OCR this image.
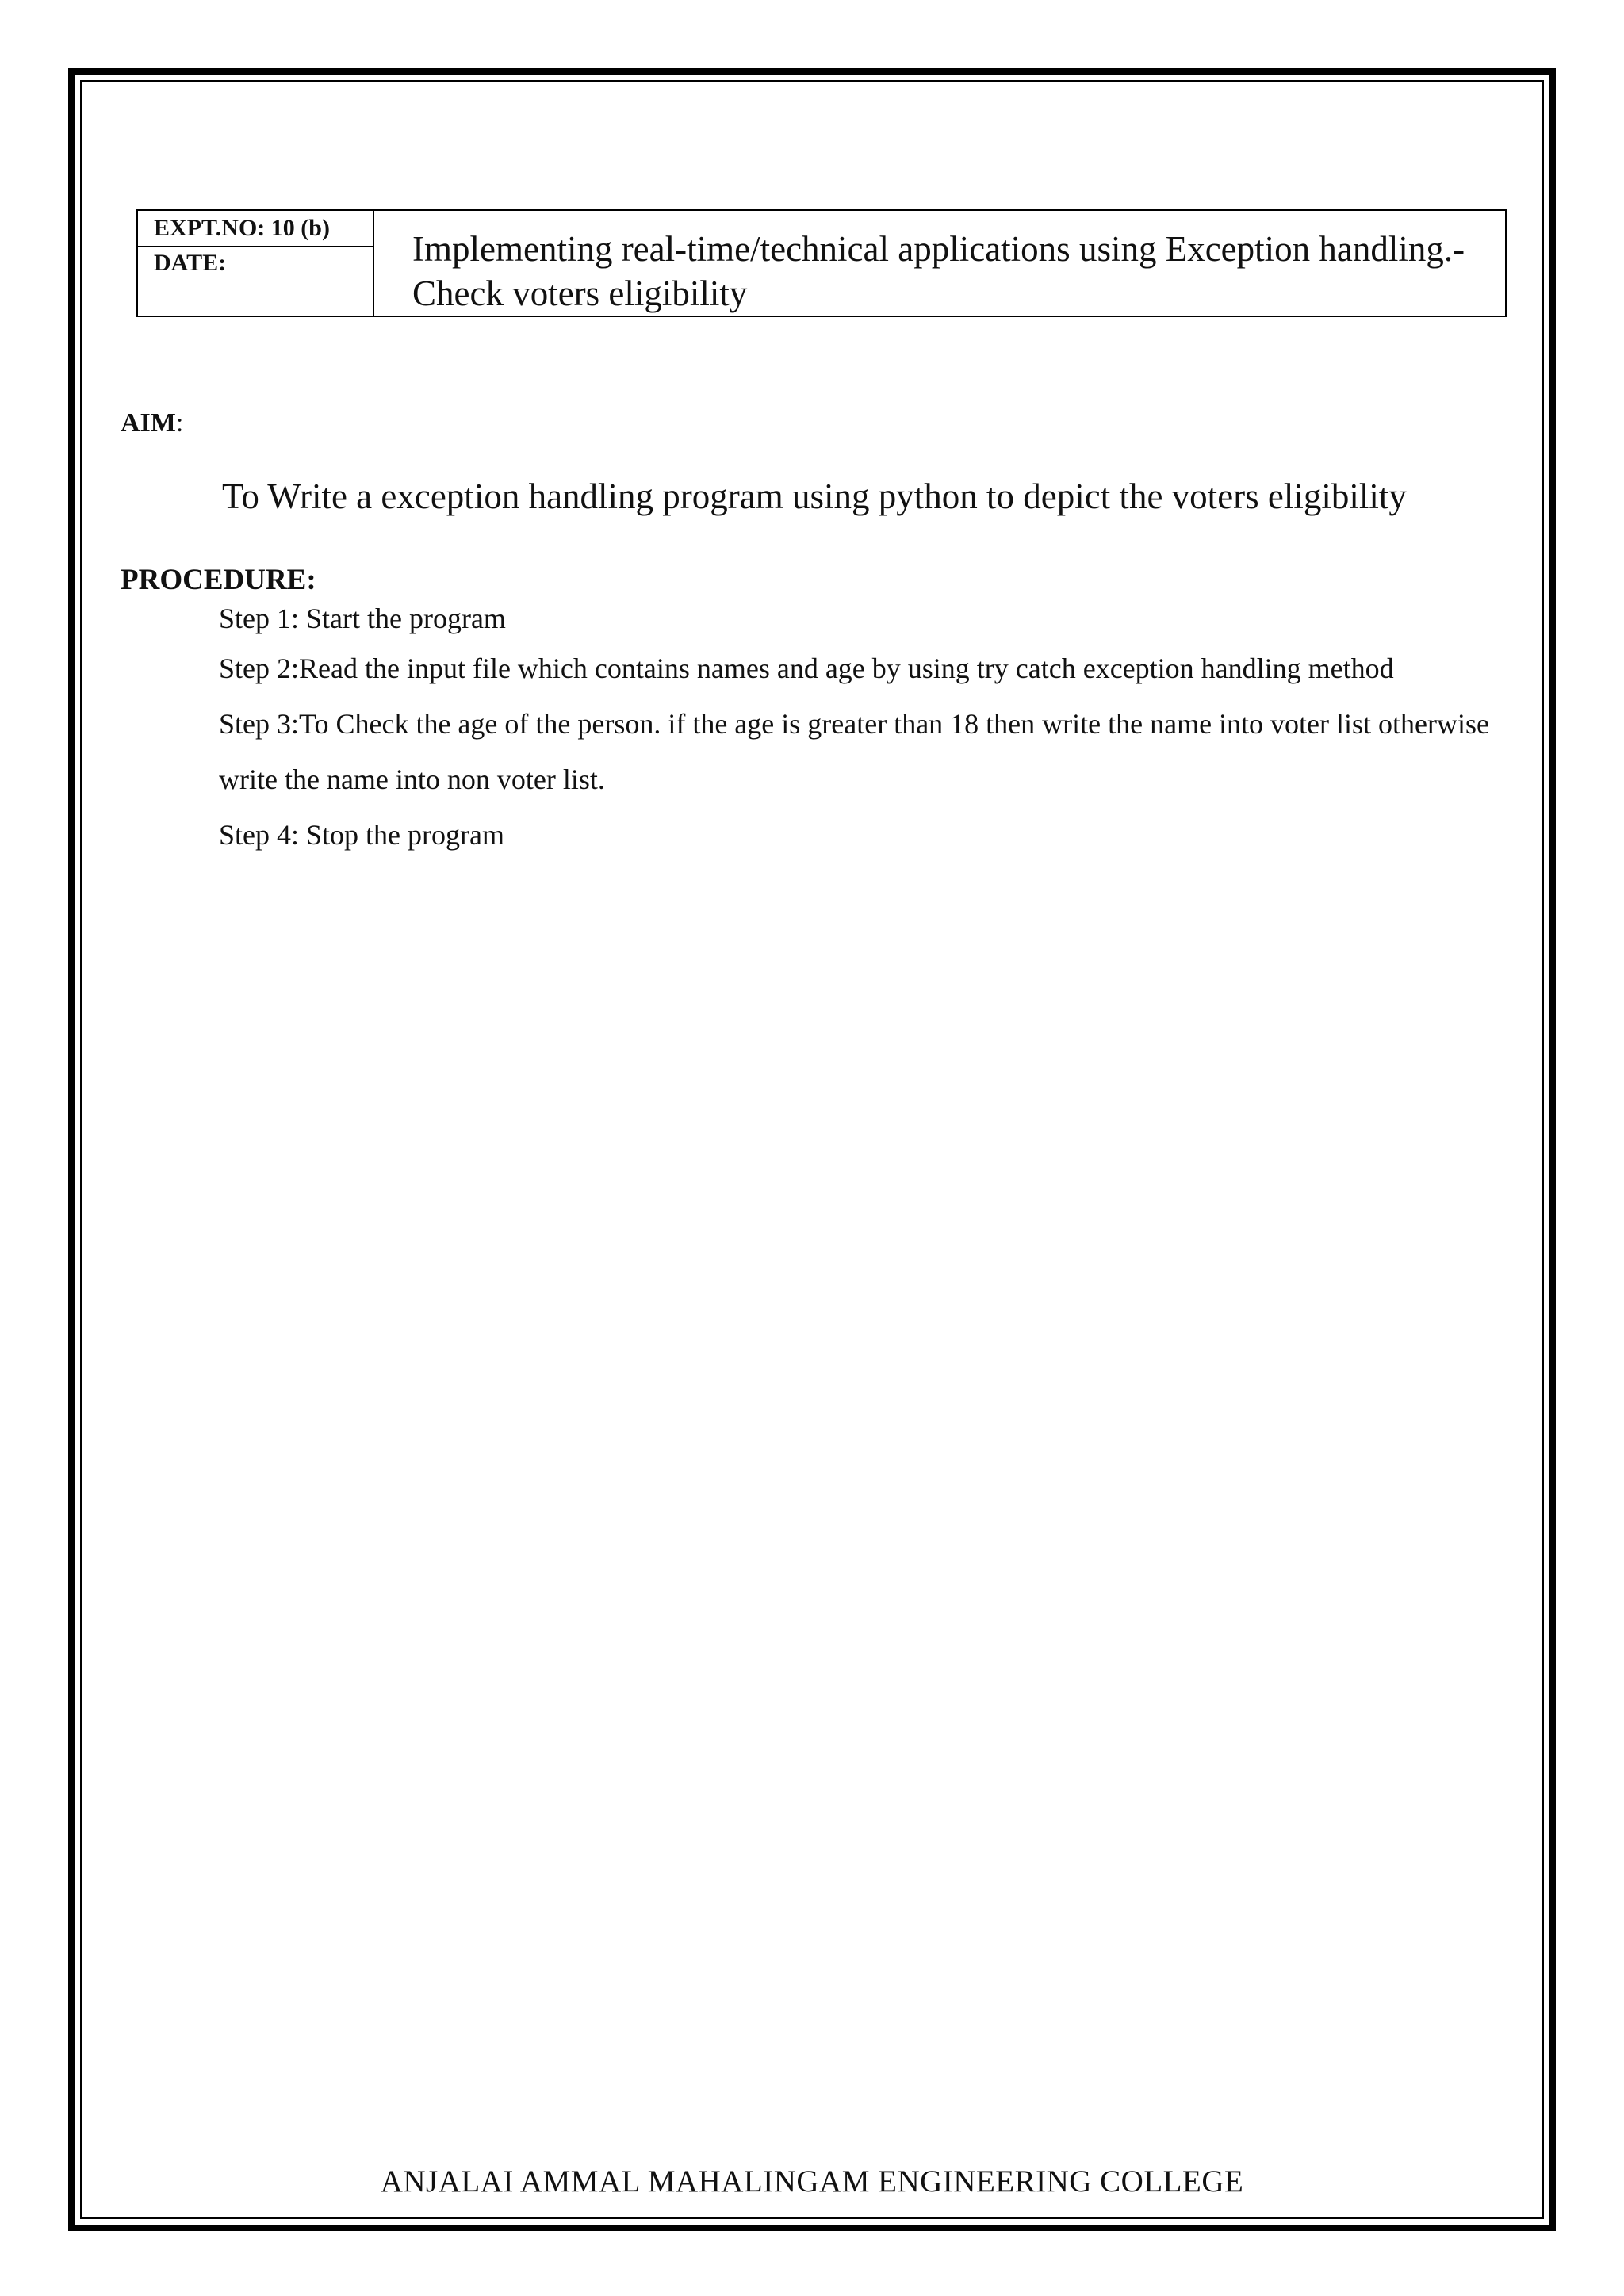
EXPT.NO: 10 (b)
DATE:	Implementing real-time/technical applications using Exception handling.- Check voters eligibility
AIM:
To Write a exception handling program using python to depict the voters eligibility
PROCEDURE:

Step 1: Start the program

Step 2:Read the input file which contains names and age by using try catch exception handling method

Step 3:To Check the age of the person. if the age is greater than 18 then write the name into voter list otherwise write the name into non voter list.

Step 4: Stop the program

ANJALAI AMMAL MAHALINGAM ENGINEERING COLLEGE
